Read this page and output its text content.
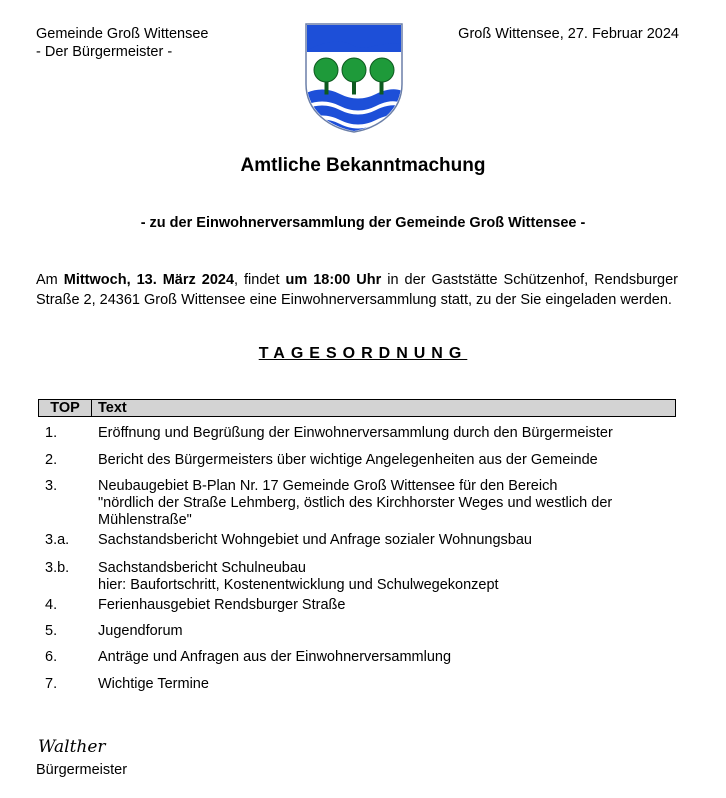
Gemeinde Groß Wittensee
- Der Bürgermeister -
Groß Wittensee, 27. Februar 2024
Amtliche Bekanntmachung
- zu der Einwohnerversammlung der Gemeinde Groß Wittensee -
Am Mittwoch, 13. März 2024, findet um 18:00 Uhr in der Gaststätte Schützenhof, Rendsburger Straße 2, 24361 Groß Wittensee eine Einwohnerversammlung statt, zu der Sie eingeladen werden.
TAGESORDNUNG
TOP	Text
1.	Eröffnung und Begrüßung der Einwohnerversammlung durch den Bürgermeister
2.	Bericht des Bürgermeisters über wichtige Angelegenheiten aus der Gemeinde
3.	Neubaugebiet B-Plan Nr. 17 Gemeinde Groß Wittensee für den Bereich
"nördlich der Straße Lehmberg, östlich des Kirchhorster Weges und westlich der
Mühlenstraße"
3.a.	Sachstandsbericht Wohngebiet und Anfrage sozialer Wohnungsbau
3.b.	Sachstandsbericht Schulneubau
hier: Baufortschritt, Kostenentwicklung und Schulwegekonzept
4.	Ferienhausgebiet Rendsburger Straße
5.	Jugendforum
6.	Anträge und Anfragen aus der Einwohnerversammlung
7.	Wichtige Termine
Walther
Bürgermeister
